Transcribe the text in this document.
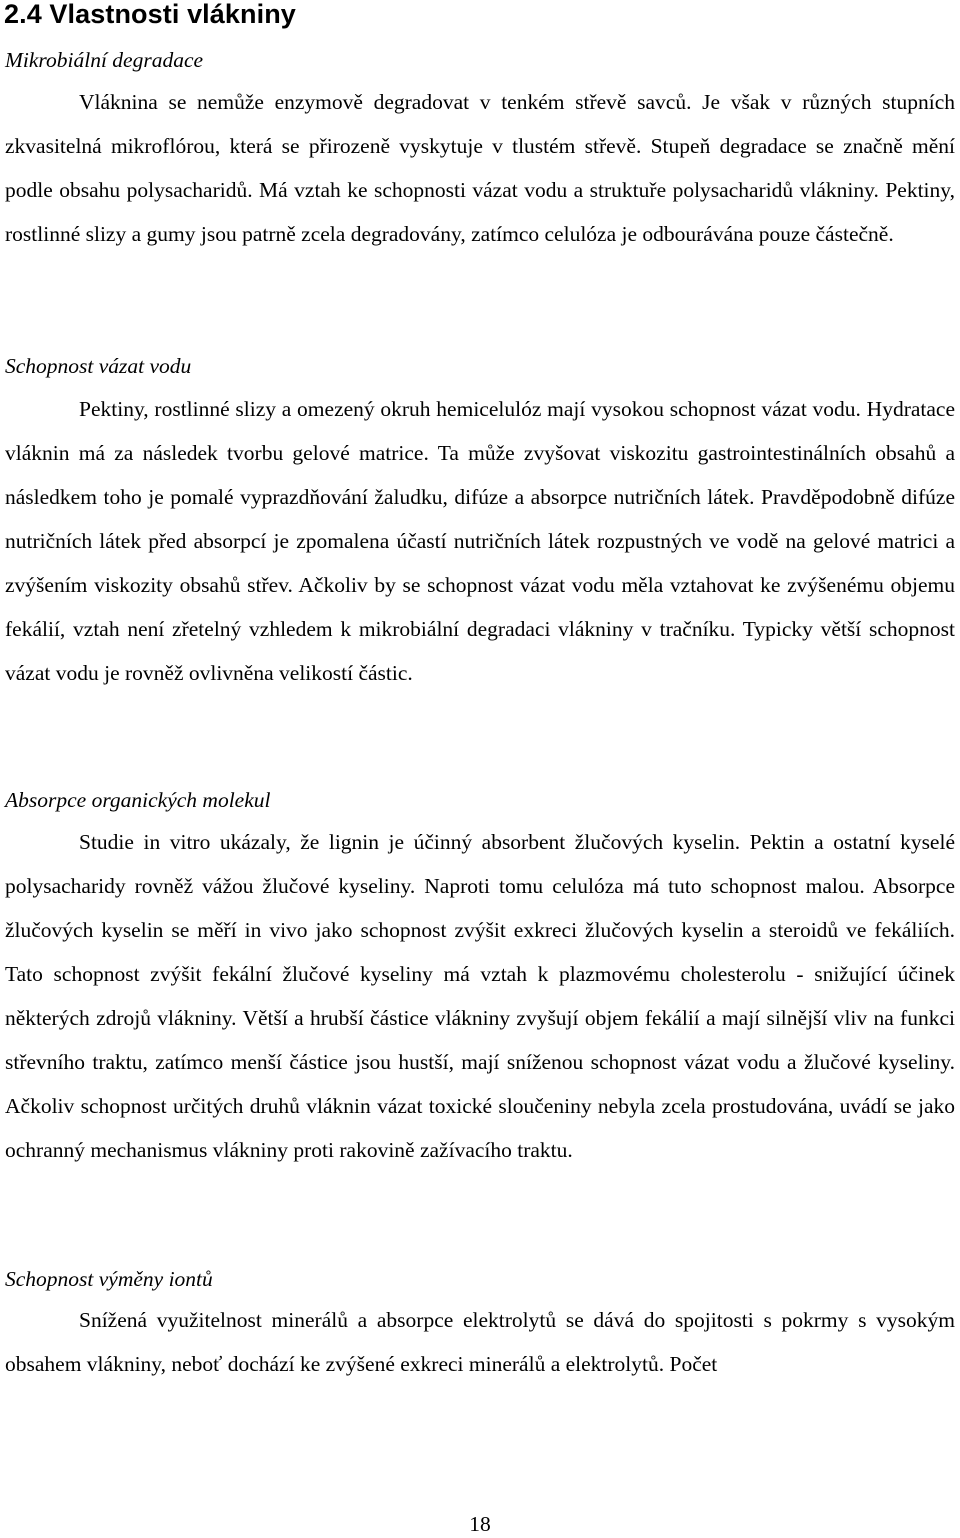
2.4 Vlastnosti vlákniny
Mikrobiální degradace

Vláknina se nemůže enzymově degradovat v tenkém střevě savců. Je však v různých stupních zkvasitelná mikroflórou, která se přirozeně vyskytuje v tlustém střevě. Stupeň degradace se značně mění podle obsahu polysacharidů. Má vztah ke schopnosti vázat vodu a struktuře polysacharidů vlákniny. Pektiny, rostlinné slizy a gumy jsou patrně zcela degradovány, zatímco celulóza je odbourávána pouze částečně.

Schopnost vázat vodu

Pektiny, rostlinné slizy a omezený okruh hemicelulóz mají vysokou schopnost vázat vodu. Hydratace vláknin má za následek tvorbu gelové matrice. Ta může zvyšovat viskozitu gastrointestinálních obsahů a následkem toho je pomalé vyprazdňování žaludku, difúze a absorpce nutričních látek. Pravděpodobně difúze nutričních látek před absorpcí je zpomalena účastí nutričních látek rozpustných ve vodě na gelové matrici a zvýšením viskozity obsahů střev. Ačkoliv by se schopnost vázat vodu měla vztahovat ke zvýšenému objemu fekálií, vztah není zřetelný vzhledem k mikrobiální degradaci vlákniny v tračníku. Typicky větší schopnost vázat vodu je rovněž ovlivněna velikostí částic.

Absorpce organických molekul

Studie in vitro ukázaly, že lignin je účinný absorbent žlučových kyselin. Pektin a ostatní kyselé polysacharidy rovněž vážou žlučové kyseliny. Naproti tomu celulóza má tuto schopnost malou. Absorpce žlučových kyselin se měří in vivo jako schopnost zvýšit exkreci žlučových kyselin a steroidů ve fekáliích. Tato schopnost zvýšit fekální žlučové kyseliny má vztah k plazmovému cholesterolu - snižující účinek některých zdrojů vlákniny. Větší a hrubší částice vlákniny zvyšují objem fekálií a mají silnější vliv na funkci střevního traktu, zatímco menší částice jsou hustší, mají sníženou schopnost vázat vodu a žlučové kyseliny. Ačkoliv schopnost určitých druhů vláknin vázat toxické sloučeniny nebyla zcela prostudována, uvádí se jako ochranný mechanismus vlákniny proti rakovině zažívacího traktu.

Schopnost výměny iontů

Snížená využitelnost minerálů a absorpce elektrolytů se dává do spojitosti s pokrmy s vysokým obsahem vlákniny, neboť dochází ke zvýšené exkreci minerálů a elektrolytů. Počet

18
